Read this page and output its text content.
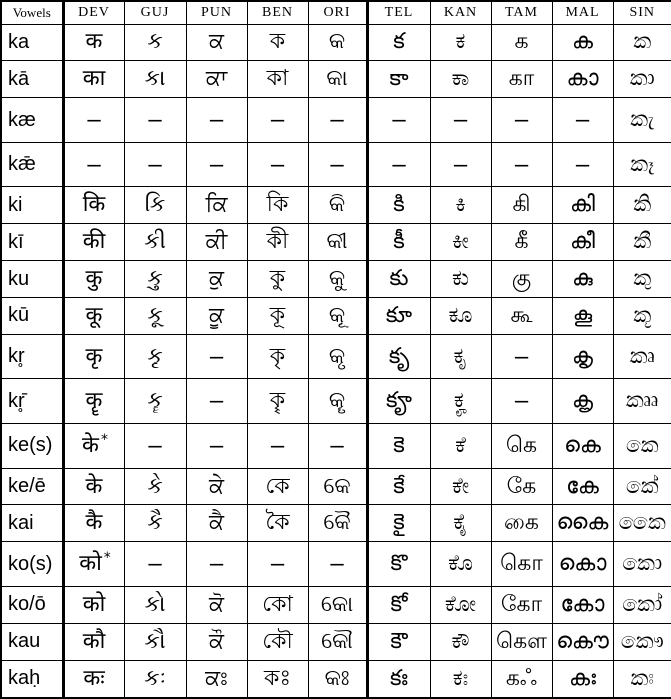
Vowels	DEV	GUJ	PUN	BEN	ORI	TEL	KAN	TAM	MAL	SIN
ka	क	ક	ਕ	ক	କ	క	ಕ	க	ക	ක
kā	का	કા	ਕਾ	কা	କା	కా	ಕಾ	கா	കാ	කා
kæ	–	–	–	–	–	–	–	–	–	කැ
kǣ	–	–	–	–	–	–	–	–	–	කෑ
ki	कि	કિ	ਕਿ	কি	କି	కి	ಕಿ	கி	കി	කි
kī	की	કી	ਕੀ	কী	କୀ	కీ	ಕೀ	கீ	കീ	කී
ku	कु	કુ	ਕੁ	কু	କୁ	కు	ಕು	கு	കു	කු
kū	कू	કૂ	ਕੂ	কূ	କୂ	కూ	ಕೂ	கூ	കൂ	කූ
kr̥	कृ	કૃ	–	কৃ	କୃ	కృ	ಕೃ	–	കൃ	කෘ
kr̥̄	कॄ	કૄ	–	কৄ	କୄ	కౄ	ಕೄ	–	കൄ	කෲ
ke(s)	के *	–	–	–	–	కె	ಕೆ	கெ	കെ	කෙ
ke/ē	के	કે	ਕੇ	কে	କେ	కే	ಕೇ	கே	കേ	කේ
kai	कै	કૈ	ਕੈ	কৈ	କୈ	కై	ಕೈ	கை	കൈ	කෛ
ko(s)	को *	–	–	–	–	కొ	ಕೊ	கொ	കൊ	කො
ko/ō	को	કો	ਕੋ	কো	କୋ	కో	ಕೋ	கோ	കോ	කෝ
kau	कौ	કૌ	ਕੌ	কৌ	କୌ	కౌ	ಕೌ	கௌ	കൌ	කෞ
kaḥ	कः	કઃ	ਕਃ	কঃ	କଃ	కః	ಕಃ	கஃ	കഃ	කඃ
